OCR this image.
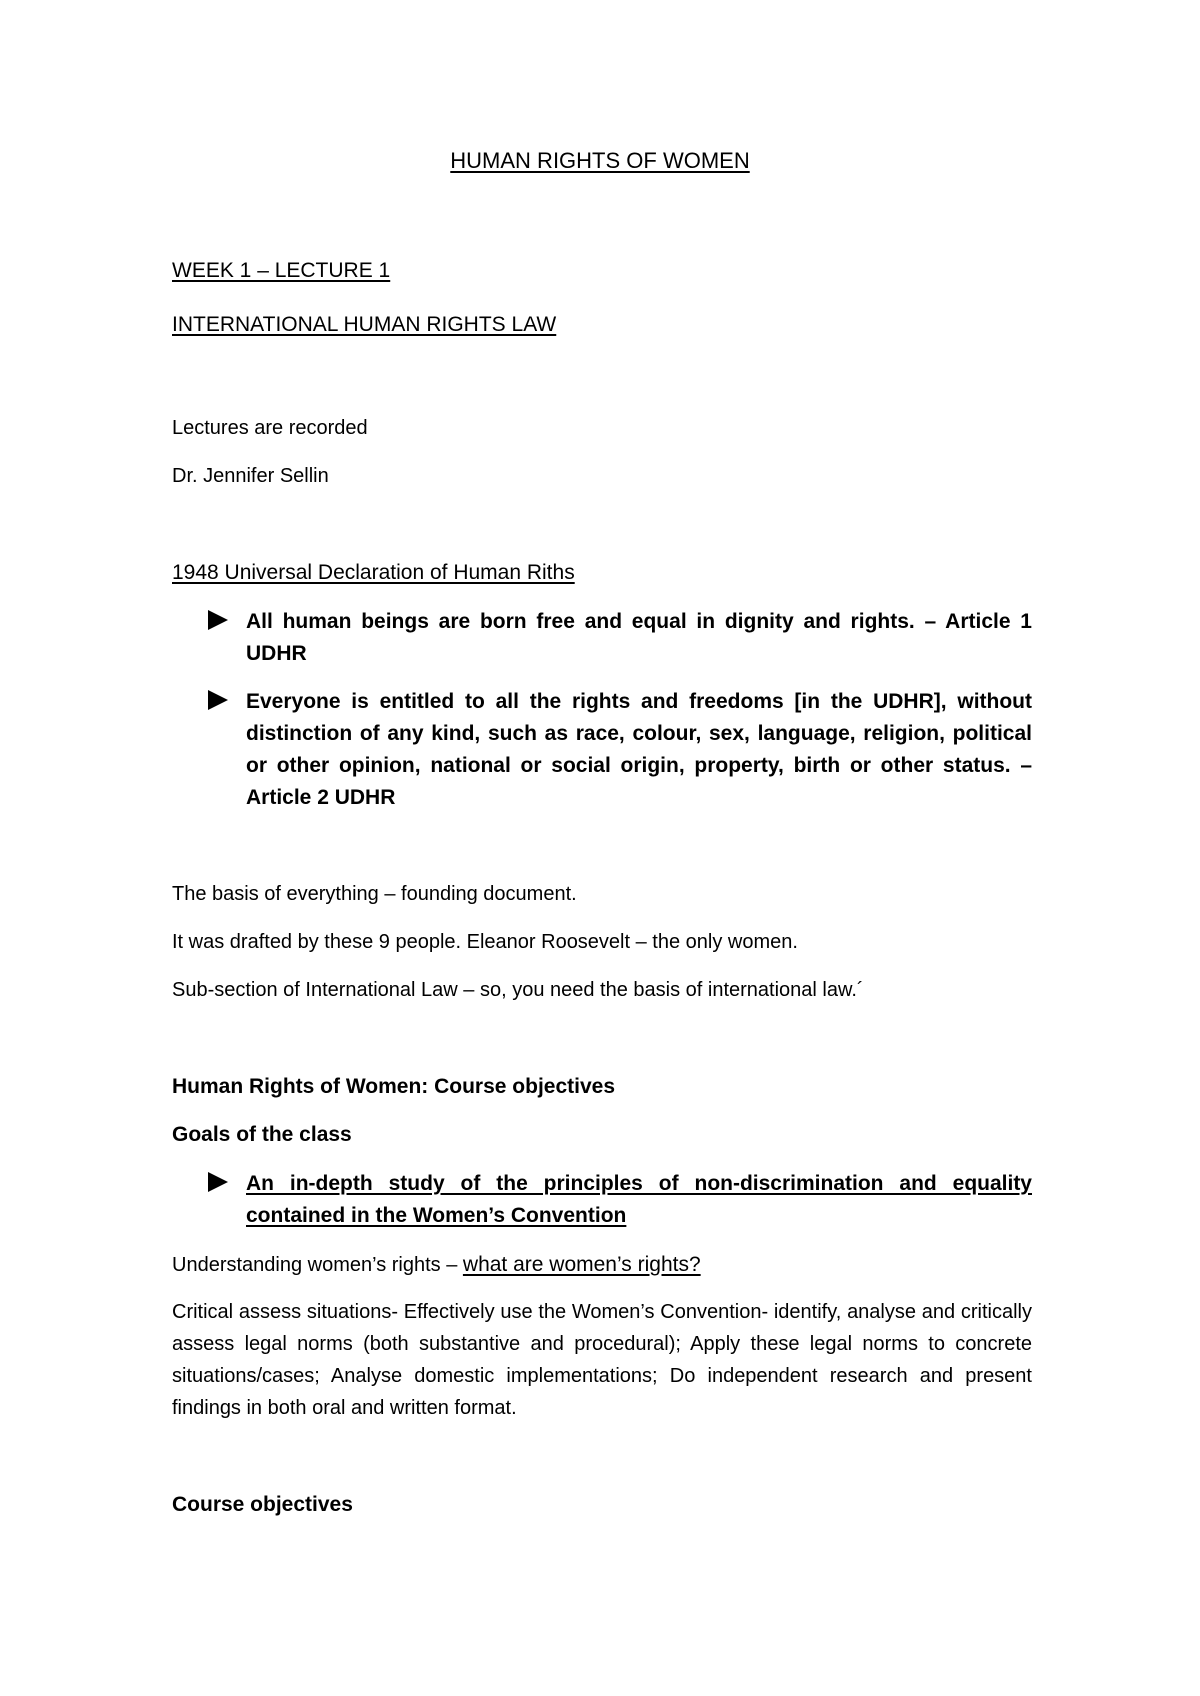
HUMAN RIGHTS OF WOMEN

WEEK 1 – LECTURE 1

INTERNATIONAL HUMAN RIGHTS LAW

Lectures are recorded

Dr. Jennifer Sellin

1948 Universal Declaration of Human Riths

All human beings are born free and equal in dignity and rights. – Article 1 UDHR

Everyone is entitled to all the rights and freedoms [in the UDHR], without distinction of any kind, such as race, colour, sex, language, religion, political or other opinion, national or social origin, property, birth or other status. – Article 2 UDHR

The basis of everything – founding document.

It was drafted by these 9 people. Eleanor Roosevelt – the only women.

Sub-section of International Law – so, you need the basis of international law.´

Human Rights of Women: Course objectives

Goals of the class

An in-depth study of the principles of non-discrimination and equality contained in the Women’s Convention

Understanding women’s rights – what are women’s rights?

Critical assess situations- Effectively use the Women’s Convention- identify, analyse and critically assess legal norms (both substantive and procedural); Apply these legal norms to concrete situations/cases; Analyse domestic implementations; Do independent research and present findings in both oral and written format.

Course objectives
